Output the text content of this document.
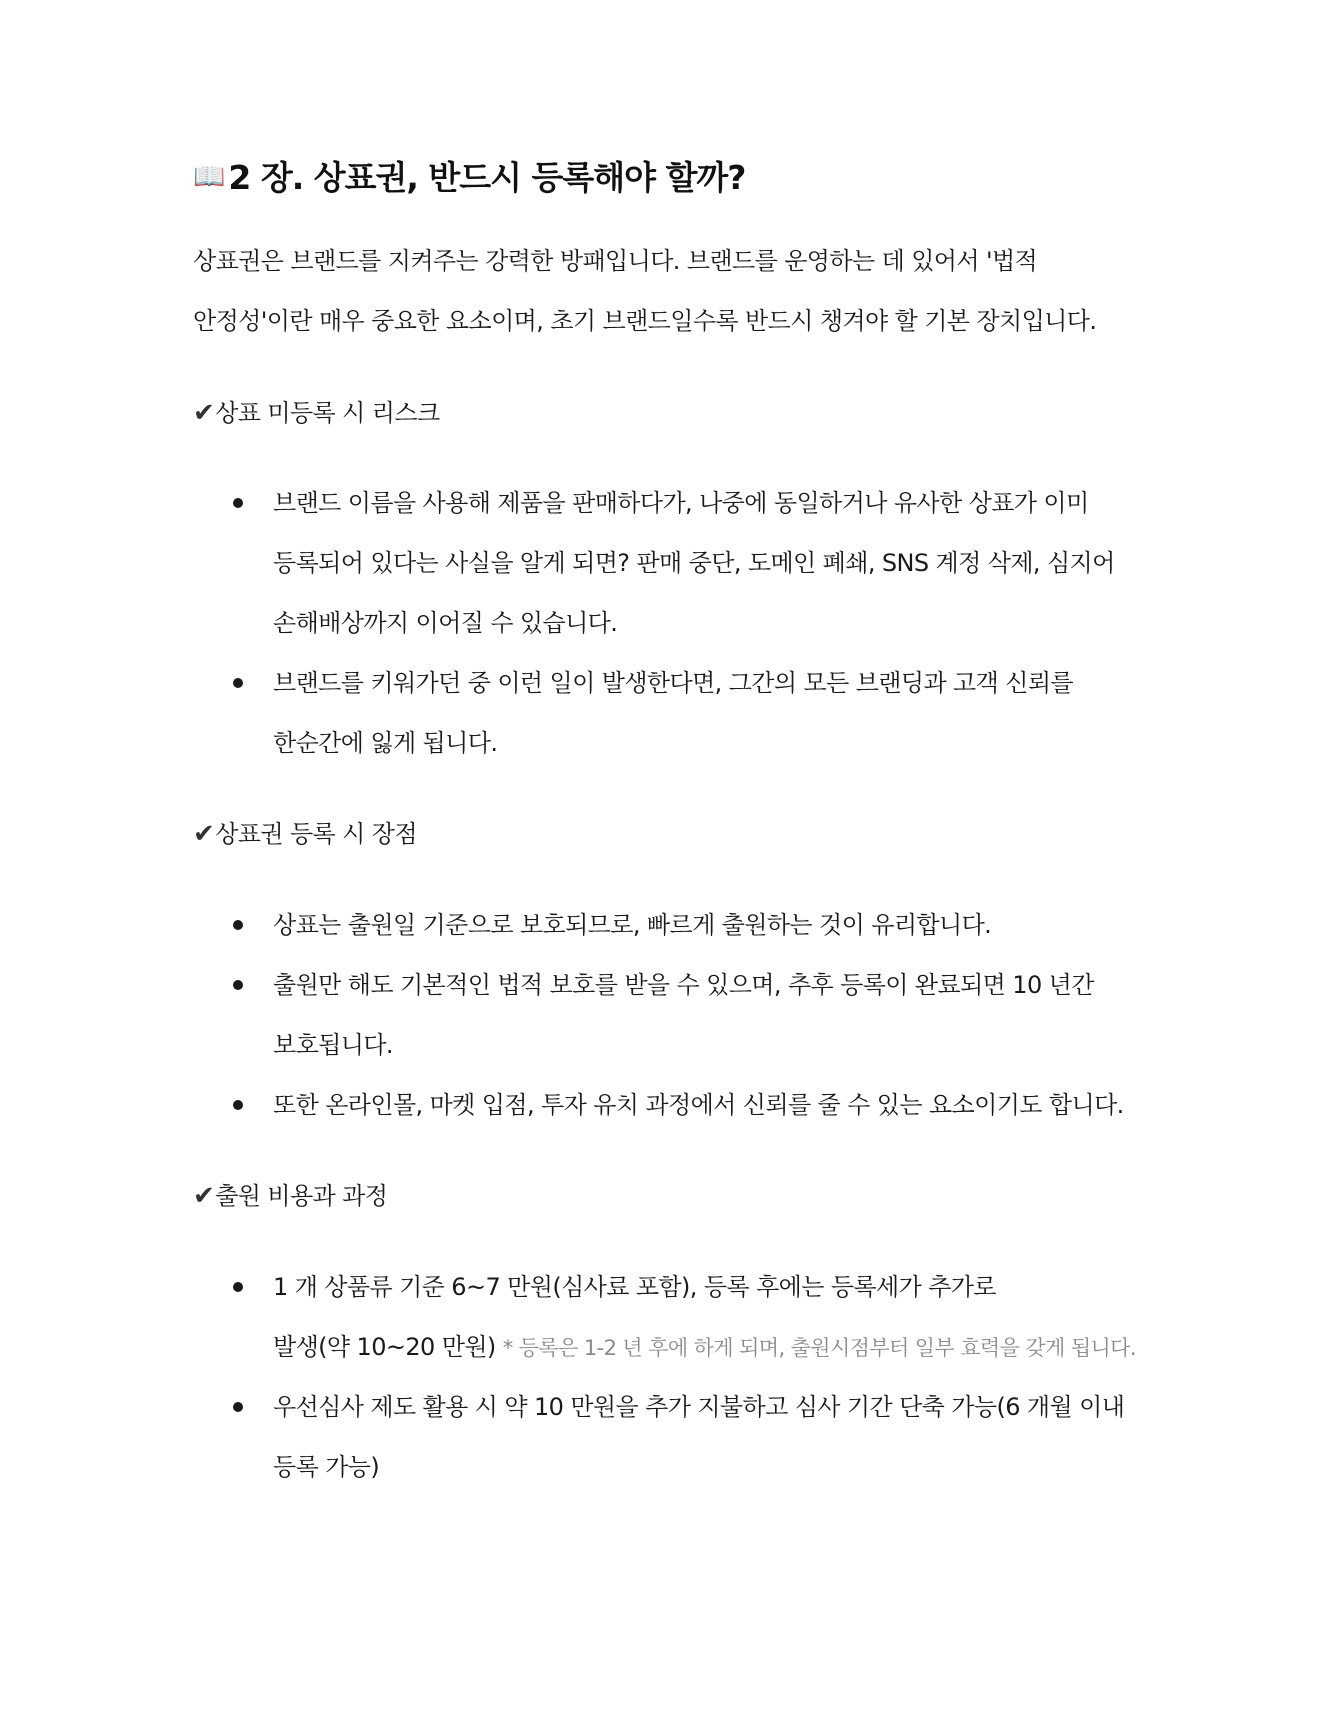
📖 2 장. 상표권, 반드시 등록해야 할까?
상표권은 브랜드를 지켜주는 강력한 방패입니다. 브랜드를 운영하는 데 있어서 '법적
안정성'이란 매우 중요한 요소이며, 초기 브랜드일수록 반드시 챙겨야 할 기본 장치입니다.
✔상표 미등록 시 리스크
브랜드 이름을 사용해 제품을 판매하다가, 나중에 동일하거나 유사한 상표가 이미
등록되어 있다는 사실을 알게 되면? 판매 중단, 도메인 폐쇄, SNS 계정 삭제, 심지어
손해배상까지 이어질 수 있습니다.
브랜드를 키워가던 중 이런 일이 발생한다면, 그간의 모든 브랜딩과 고객 신뢰를
한순간에 잃게 됩니다.
✔상표권 등록 시 장점
상표는 출원일 기준으로 보호되므로, 빠르게 출원하는 것이 유리합니다.
출원만 해도 기본적인 법적 보호를 받을 수 있으며, 추후 등록이 완료되면 10 년간
보호됩니다.
또한 온라인몰, 마켓 입점, 투자 유치 과정에서 신뢰를 줄 수 있는 요소이기도 합니다.
✔출원 비용과 과정
1 개 상품류 기준 6~7 만원(심사료 포함), 등록 후에는 등록세가 추가로
발생(약 10~20 만원) * 등록은 1-2 년 후에 하게 되며, 출원시점부터 일부 효력을 갖게 됩니다.
우선심사 제도 활용 시 약 10 만원을 추가 지불하고 심사 기간 단축 가능(6 개월 이내
등록 가능)
